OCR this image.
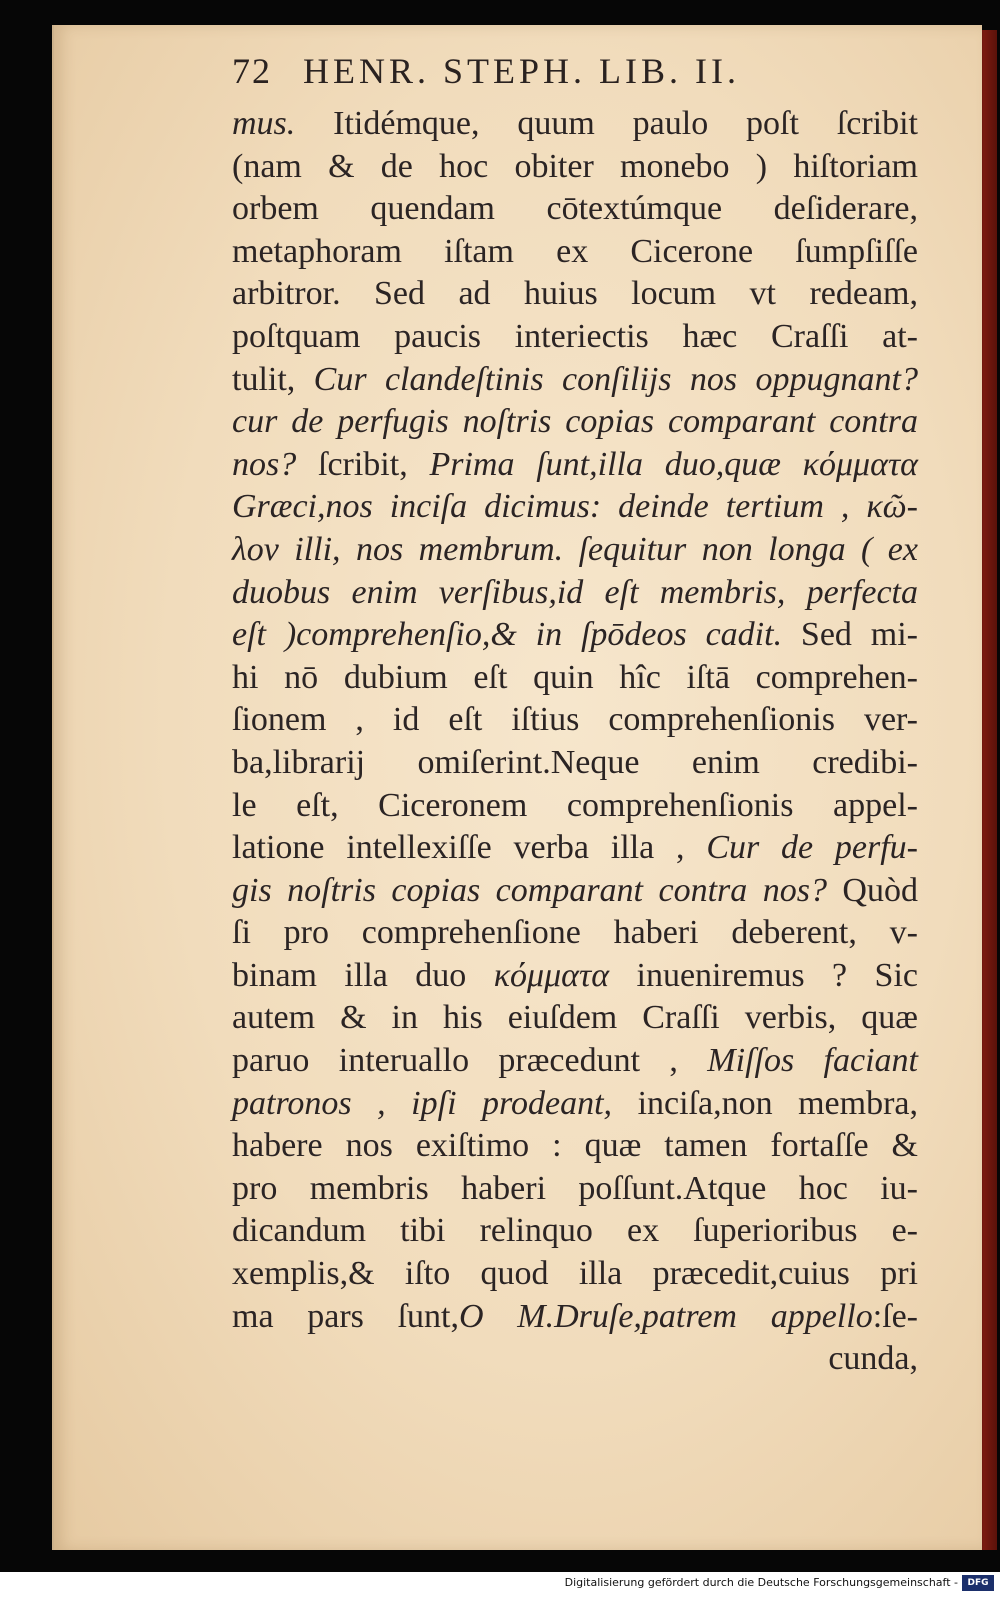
72 HENR. STEPH. LIB. II.
mus. Itidémque, quum paulo poſt ſcribit
(nam & de hoc obiter monebo ) hiſtoriam
orbem quendam cōtextúmque deſiderare,
metaphoram iſtam ex Cicerone ſumpſiſſe
arbitror. Sed ad huius locum vt redeam,
poſtquam paucis interiectis hæc Craſſi at-
tulit, Cur clandeſtinis conſilijs nos oppugnant?
cur de perfugis noſtris copias comparant contra
nos? ſcribit, Prima ſunt,illa duo,quæ κόμματα
Græci,nos inciſa dicimus: deinde tertium , κῶ-
λον illi, nos membrum. ſequitur non longa ( ex
duobus enim verſibus,id eſt membris, perfecta
eſt )comprehenſio,& in ſpōdeos cadit. Sed mi-
hi nō dubium eſt quin hîc iſtā comprehen-
ſionem , id eſt iſtius comprehenſionis ver-
ba,librarij omiſerint.Neque enim credibi-
le eſt, Ciceronem comprehenſionis appel-
latione intellexiſſe verba illa , Cur de perfu-
gis noſtris copias comparant contra nos? Quòd
ſi pro comprehenſione haberi deberent, v-
binam illa duo κόμματα inueniremus ? Sic
autem & in his eiuſdem Craſſi verbis, quæ
paruo interuallo præcedunt , Miſſos faciant
patronos , ipſi prodeant, inciſa,non membra,
habere nos exiſtimo : quæ tamen fortaſſe &
pro membris haberi poſſunt.Atque hoc iu-
dicandum tibi relinquo ex ſuperioribus e-
xemplis,& iſto quod illa præcedit,cuius pri
ma pars ſunt,O M.Druſe,patrem appello:ſe-
cunda,
Digitalisierung gefördert durch die Deutsche Forschungsgemeinschaft -	DFG
